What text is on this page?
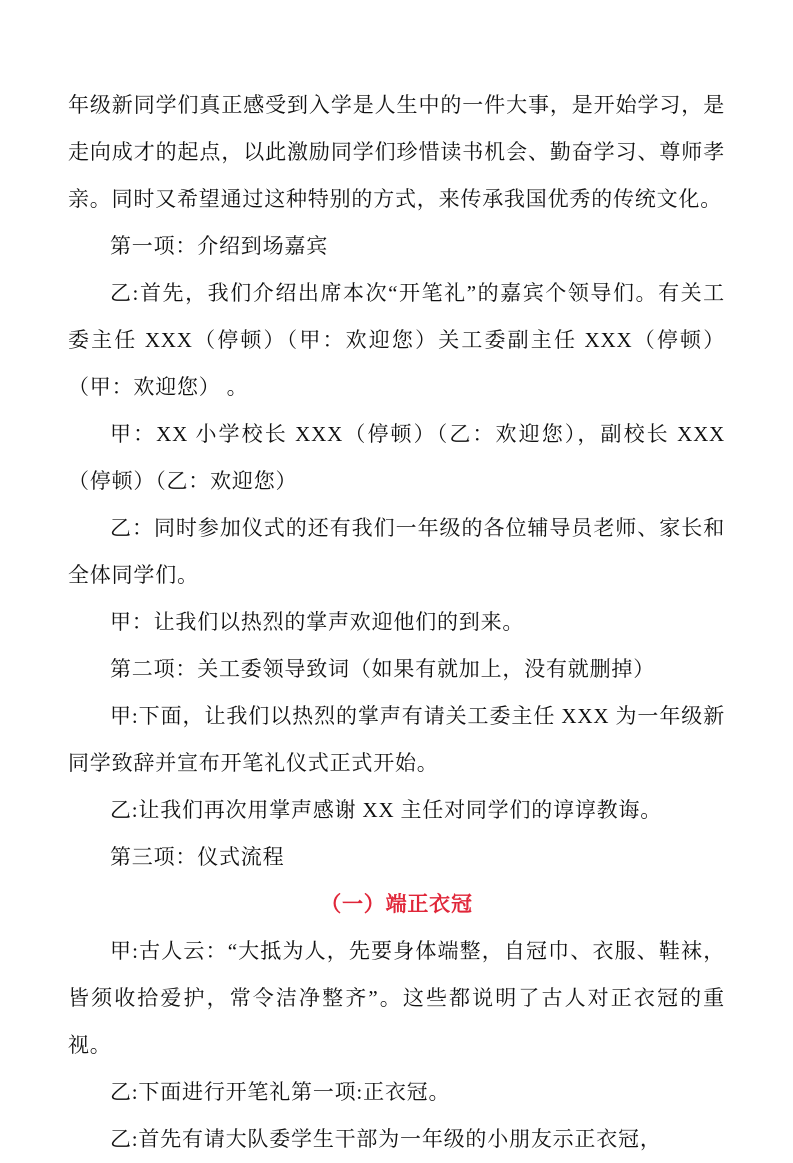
年级新同学们真正感受到入学是人生中的一件大事，是开始学习，是走向成才的起点，以此激励同学们珍惜读书机会、勤奋学习、尊师孝亲。同时又希望通过这种特别的方式，来传承我国优秀的传统文化。

第一项：介绍到场嘉宾

乙:首先，我们介绍出席本次“开笔礼”的嘉宾个领导们。有关工委主任 XXX（停顿）（甲：欢迎您）关工委副主任 XXX（停顿）（甲：欢迎您） 。

甲：XX 小学校长 XXX（停顿）（乙：欢迎您），副校长 XXX（停顿）（乙：欢迎您）

乙：同时参加仪式的还有我们一年级的各位辅导员老师、家长和全体同学们。

甲：让我们以热烈的掌声欢迎他们的到来。

第二项：关工委领导致词（如果有就加上，没有就删掉）

甲:下面，让我们以热烈的掌声有请关工委主任 XXX 为一年级新同学致辞并宣布开笔礼仪式正式开始。

乙:让我们再次用掌声感谢 XX 主任对同学们的谆谆教诲。

第三项：仪式流程

（一）端正衣冠

甲:古人云：“大抵为人，先要身体端整，自冠巾、衣服、鞋袜，皆须收拾爱护，常令洁净整齐”。这些都说明了古人对正衣冠的重视。

乙:下面进行开笔礼第一项:正衣冠。

乙:首先有请大队委学生干部为一年级的小朋友示正衣冠，
